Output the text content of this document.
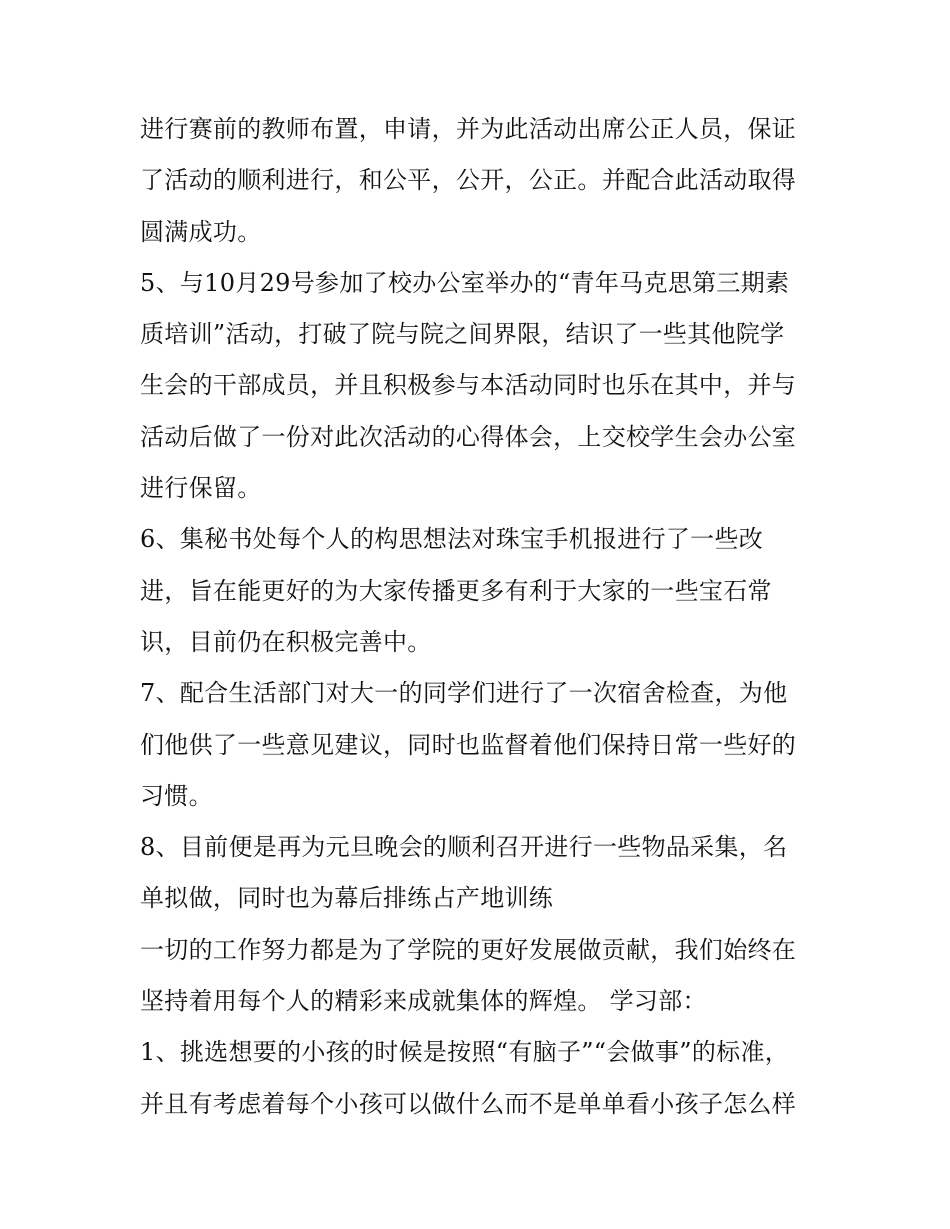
进行赛前的教师布置，申请，并为此活动出席公正人员，保证
了活动的顺利进行，和公平，公开，公正。并配合此活动取得
圆满成功。
5、与10月29号参加了校办公室举办的“青年马克思第三期素
质培训”活动，打破了院与院之间界限，结识了一些其他院学
生会的干部成员，并且积极参与本活动同时也乐在其中，并与
活动后做了一份对此次活动的心得体会，上交校学生会办公室
进行保留。
6、集秘书处每个人的构思想法对珠宝手机报进行了一些改
进，旨在能更好的为大家传播更多有利于大家的一些宝石常
识，目前仍在积极完善中。
7、配合生活部门对大一的同学们进行了一次宿舍检查，为他
们他供了一些意见建议，同时也监督着他们保持日常一些好的
习惯。
8、目前便是再为元旦晚会的顺利召开进行一些物品采集，名
单拟做，同时也为幕后排练占产地训练
一切的工作努力都是为了学院的更好发展做贡献，我们始终在
坚持着用每个人的精彩来成就集体的辉煌。 学习部：
1、挑选想要的小孩的时候是按照“有脑子”“会做事”的标准，
并且有考虑着每个小孩可以做什么而不是单单看小孩子怎么样
